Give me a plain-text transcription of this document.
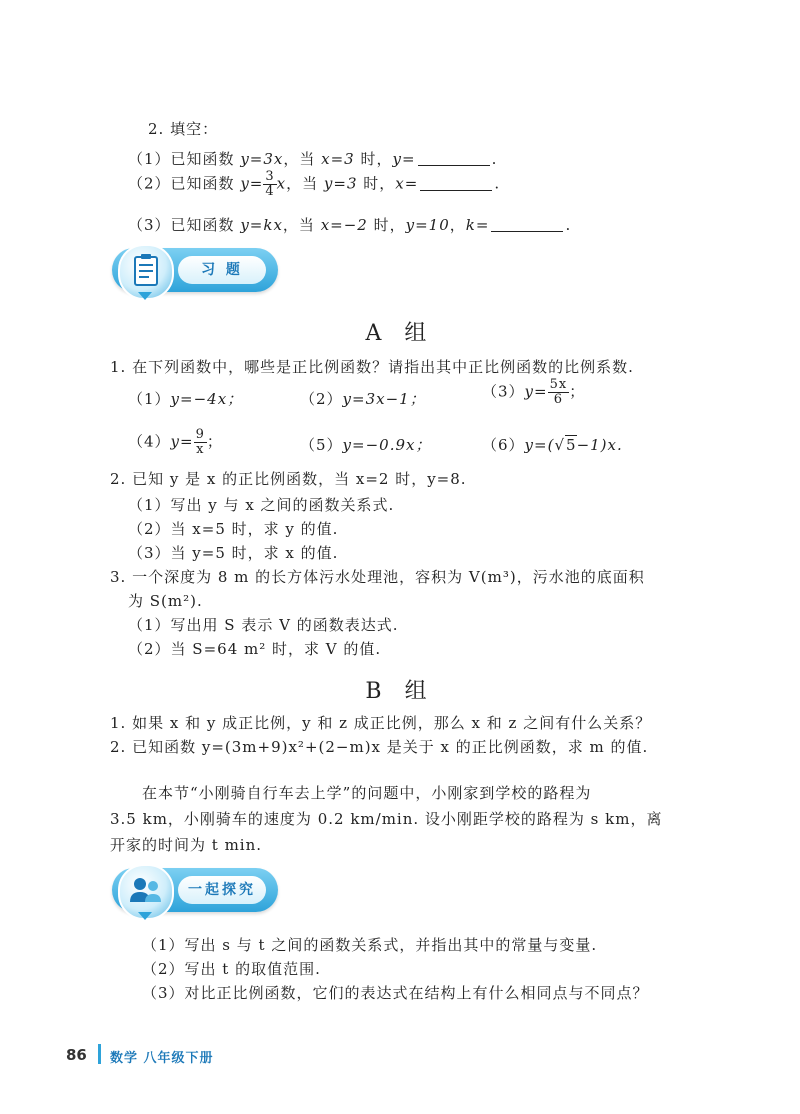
2. 填空：
（1）已知函数 y=3x，当 x=3 时，y=	.
（2）已知函数 $y= \frac{3}{4}$ x，当 y=3 时，x=	.
（3）已知函数 y=kx，当 x=−2 时，y=10，k=	.
习 题
A 组
1. 在下列函数中，哪些是正比例函数？请指出其中正比例函数的比例系数.
（1）y=−4x；	（2）y=3x−1；	$(3)y= \frac{5x}{6}$ ；
$(4)y= \frac{9}{x}$ ；	（5）y=−0.9x；	（6）y=(√5−1)x.
2. 已知 y 是 x 的正比例函数，当 x=2 时，y=8.
（1）写出 y 与 x 之间的函数关系式.
（2）当 x=5 时，求 y 的值.
（3）当 y=5 时，求 x 的值.
3. 一个深度为 8 m 的长方体污水处理池，容积为 V(m³)，污水池的底面积
为 S(m²).
（1）写出用 S 表示 V 的函数表达式.
（2）当 S=64 m² 时，求 V 的值.
B 组
1. 如果 x 和 y 成正比例，y 和 z 成正比例，那么 x 和 z 之间有什么关系？
2. 已知函数 y=(3m+9)x²+(2−m)x 是关于 x 的正比例函数，求 m 的值.
在本节“小刚骑自行车去上学”的问题中，小刚家到学校的路程为
3.5 km，小刚骑车的速度为 0.2 km/min. 设小刚距学校的路程为 s km，离
开家的时间为 t min.
一起探究
（1）写出 s 与 t 之间的函数关系式，并指出其中的常量与变量.
（2）写出 t 的取值范围.
（3）对比正比例函数，它们的表达式在结构上有什么相同点与不同点？
86 数学 八年级下册
